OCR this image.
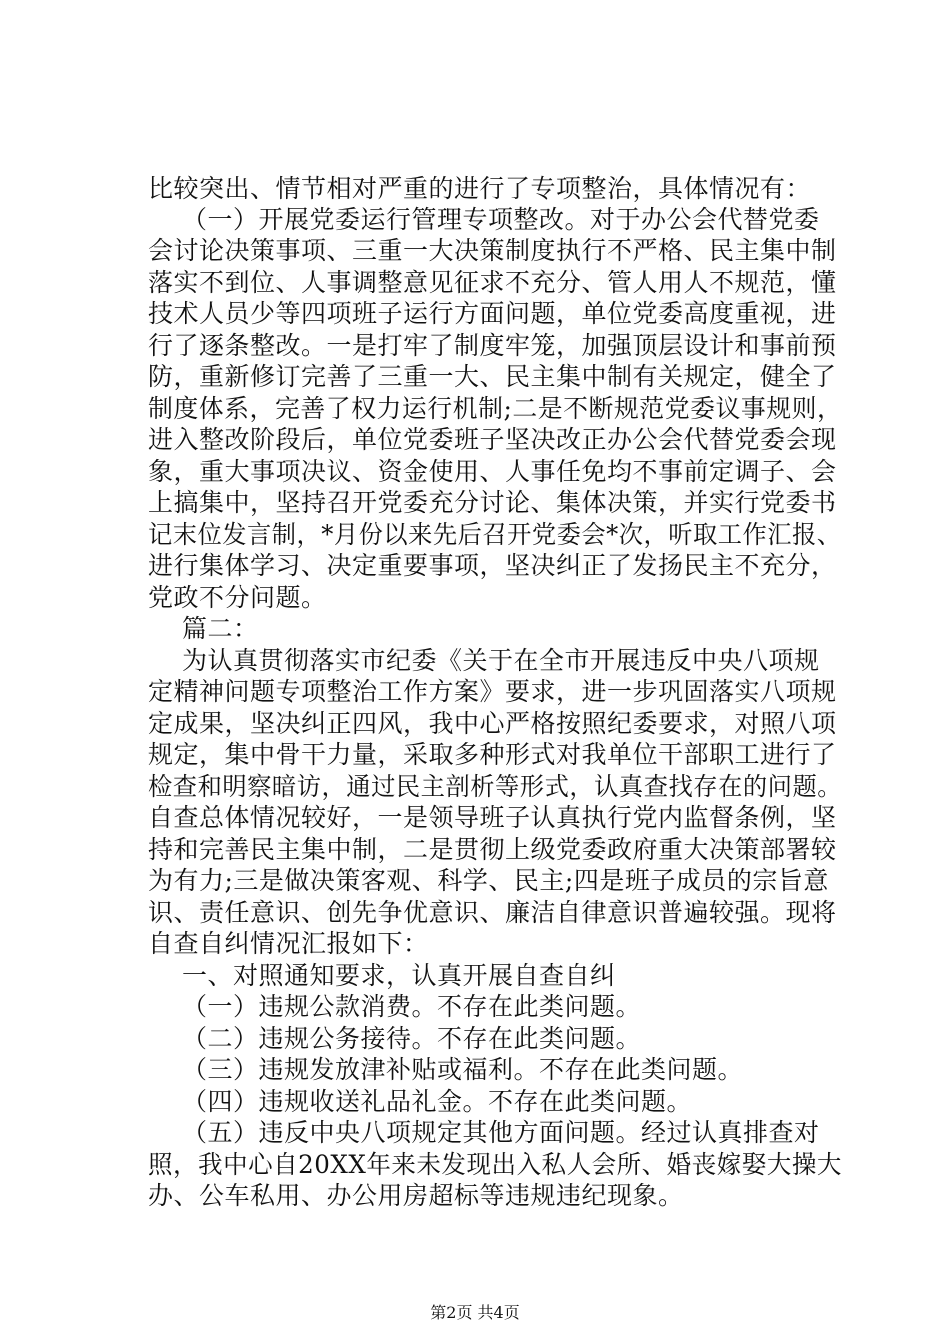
比较突出、情节相对严重的进行了专项整治，具体情况有：

（一）开展党委运行管理专项整改。对于办公会代替党委

会讨论决策事项、三重一大决策制度执行不严格、民主集中制

落实不到位、人事调整意见征求不充分、管人用人不规范，懂

技术人员少等四项班子运行方面问题，单位党委高度重视，进

行了逐条整改。一是打牢了制度牢笼，加强顶层设计和事前预

防，重新修订完善了三重一大、民主集中制有关规定，健全了

制度体系，完善了权力运行机制;二是不断规范党委议事规则，

进入整改阶段后，单位党委班子坚决改正办公会代替党委会现

象，重大事项决议、资金使用、人事任免均不事前定调子、会

上搞集中，坚持召开党委充分讨论、集体决策，并实行党委书

记末位发言制，*月份以来先后召开党委会*次，听取工作汇报、

进行集体学习、决定重要事项，坚决纠正了发扬民主不充分，

党政不分问题。

篇二：

为认真贯彻落实市纪委《关于在全市开展违反中央八项规

定精神问题专项整治工作方案》要求，进一步巩固落实八项规

定成果，坚决纠正四风，我中心严格按照纪委要求，对照八项

规定，集中骨干力量，采取多种形式对我单位干部职工进行了

检查和明察暗访，通过民主剖析等形式，认真查找存在的问题。

自查总体情况较好，一是领导班子认真执行党内监督条例，坚

持和完善民主集中制，二是贯彻上级党委政府重大决策部署较

为有力;三是做决策客观、科学、民主;四是班子成员的宗旨意

识、责任意识、创先争优意识、廉洁自律意识普遍较强。现将

自查自纠情况汇报如下：

一、对照通知要求，认真开展自查自纠

（一）违规公款消费。不存在此类问题。

（二）违规公务接待。不存在此类问题。

（三）违规发放津补贴或福利。不存在此类问题。

（四）违规收送礼品礼金。不存在此类问题。

（五）违反中央八项规定其他方面问题。经过认真排查对

照，我中心自20XX年来未发现出入私人会所、婚丧嫁娶大操大

办、公车私用、办公用房超标等违规违纪现象。

第2页 共4页
